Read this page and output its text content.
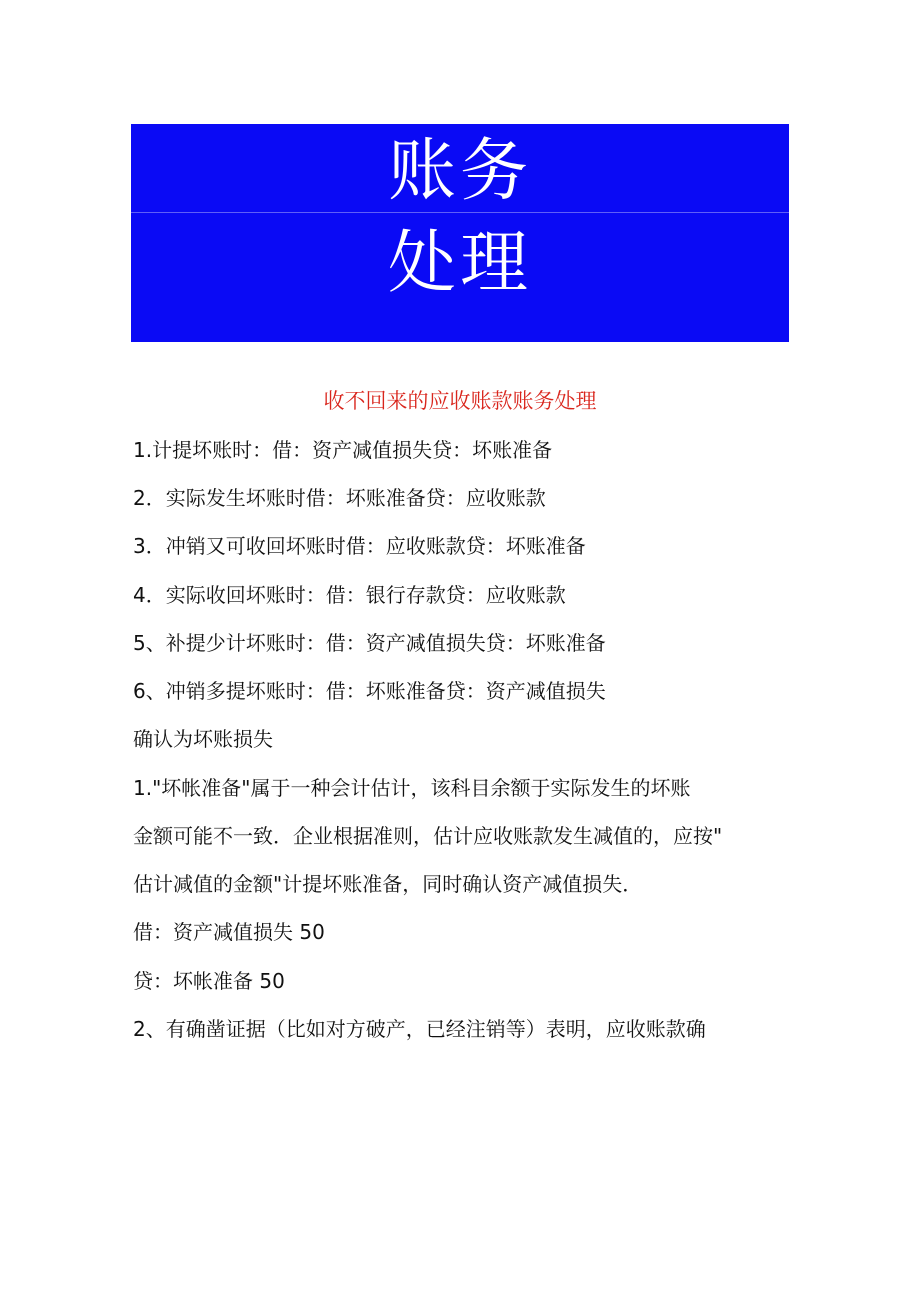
账务
处理
收不回来的应收账款账务处理
1.计提坏账时：借：资产减值损失贷：坏账准备
2．实际发生坏账时借：坏账准备贷：应收账款
3．冲销又可收回坏账时借：应收账款贷：坏账准备
4．实际收回坏账时：借：银行存款贷：应收账款
5、补提少计坏账时：借：资产减值损失贷：坏账准备
6、冲销多提坏账时：借：坏账准备贷：资产减值损失
确认为坏账损失
1."坏帐准备"属于一种会计估计，该科目余额于实际发生的坏账
金额可能不一致．企业根据准则，估计应收账款发生减值的，应按"
估计减值的金额"计提坏账准备，同时确认资产减值损失．
借：资产减值损失 50
贷：坏帐准备 50
2、有确凿证据（比如对方破产，已经注销等）表明，应收账款确
